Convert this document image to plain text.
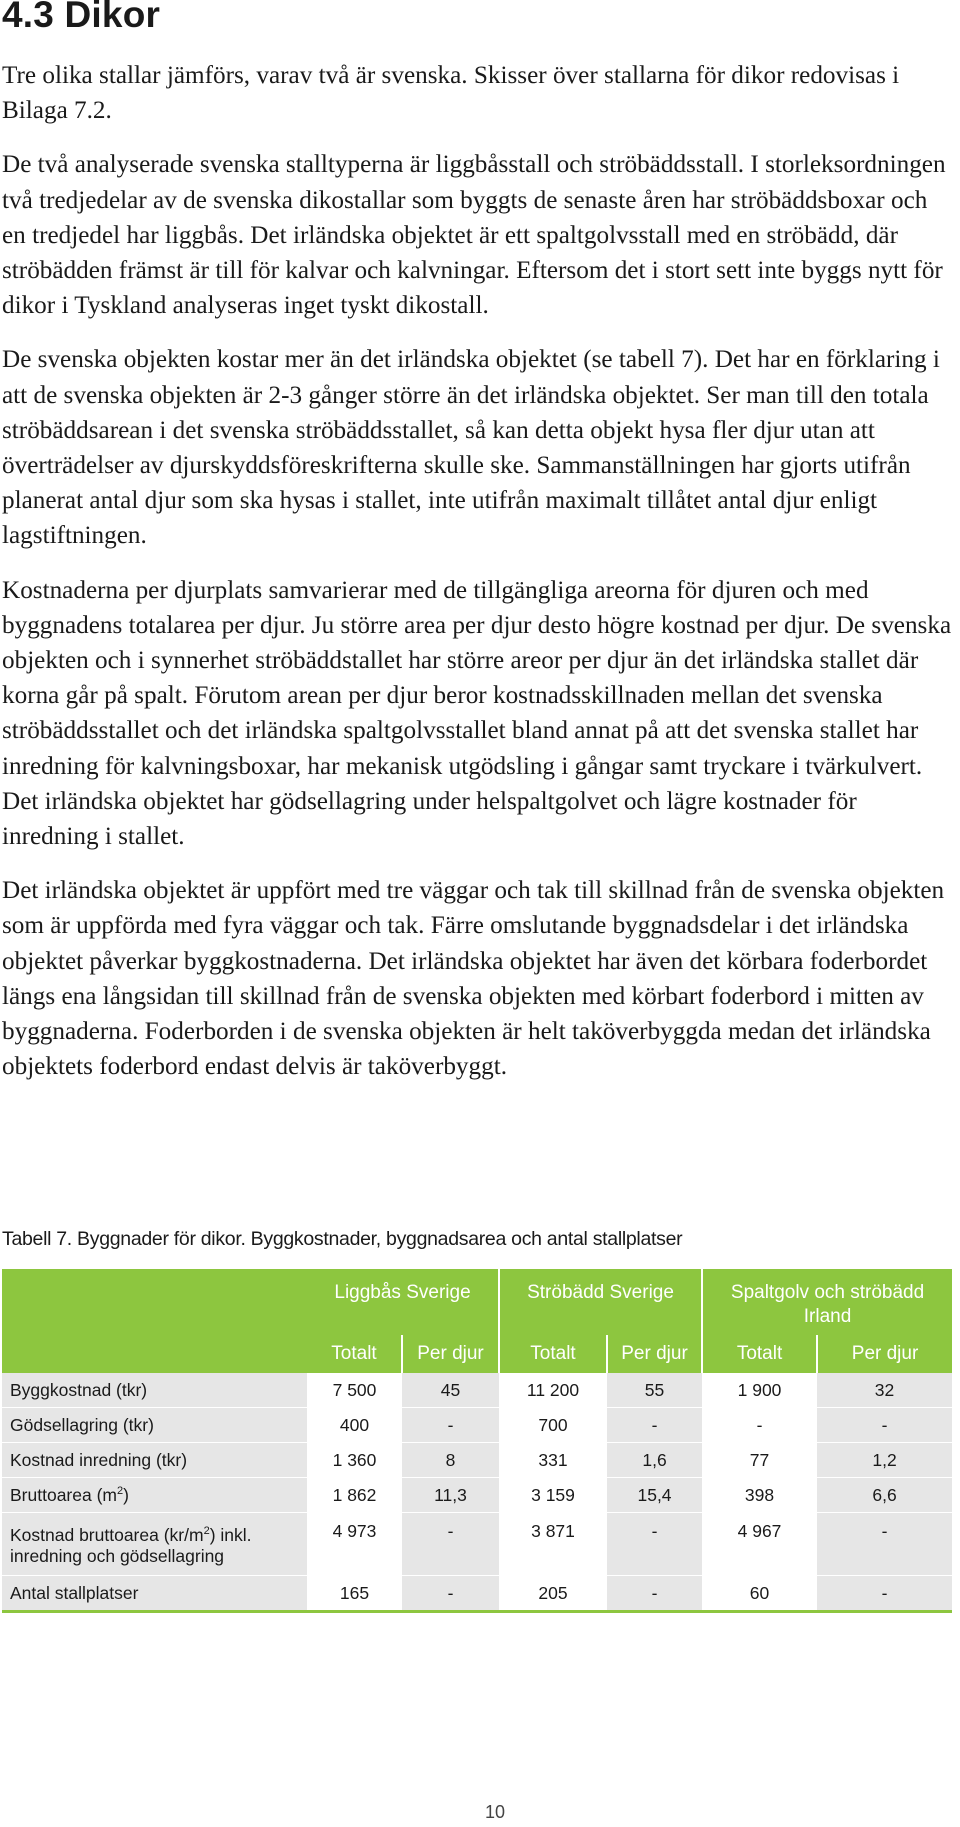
4.3 Dikor

Tre olika stallar jämförs, varav två är svenska. Skisser över stallarna för dikor redovisas i Bilaga 7.2.

De två analyserade svenska stalltyperna är liggbåsstall och ströbäddsstall. I storleksordningen två tredjedelar av de svenska dikostallar som byggts de senaste åren har ströbäddsboxar och en tredjedel har liggbås. Det irländska objektet är ett spaltgolvsstall med en ströbädd, där ströbädden främst är till för kalvar och kalvningar. Eftersom det i stort sett inte byggs nytt för dikor i Tyskland analyseras inget tyskt dikostall.

De svenska objekten kostar mer än det irländska objektet (se tabell 7). Det har en förklaring i att de svenska objekten är 2-3 gånger större än det irländska objektet. Ser man till den totala ströbäddsarean i det svenska ströbäddsstallet, så kan detta objekt hysa fler djur utan att överträdelser av djurskyddsföreskrifterna skulle ske. Sammanställningen har gjorts utifrån planerat antal djur som ska hysas i stallet, inte utifrån maximalt tillåtet antal djur enligt lagstiftningen.

Kostnaderna per djurplats samvarierar med de tillgängliga areorna för djuren och med byggnadens totalarea per djur. Ju större area per djur desto högre kostnad per djur. De svenska objekten och i synnerhet ströbäddstallet har större areor per djur än det irländska stallet där korna går på spalt. Förutom arean per djur beror kostnadsskillnaden mellan det svenska ströbäddsstallet och det irländska spaltgolvsstallet bland annat på att det svenska stallet har inredning för kalvningsboxar, har mekanisk utgödsling i gångar samt tryckare i tvärkulvert. Det irländska objektet har gödsellagring under helspaltgolvet och lägre kostnader för inredning i stallet.

Det irländska objektet är uppfört med tre väggar och tak till skillnad från de svenska objekten som är uppförda med fyra väggar och tak. Färre omslutande byggnadsdelar i det irländska objektet påverkar byggkostnaderna. Det irländska objektet har även det körbara foderbordet längs ena långsidan till skillnad från de svenska objekten med körbart foderbord i mitten av byggnaderna. Foderborden i de svenska objekten är helt taköverbyggda medan det irländska objektets foderbord endast delvis är taköverbyggt.

Tabell 7. Byggnader för dikor. Byggkostnader, byggnadsarea och antal stallplatser
	Liggbås Sverige		Ströbädd Sverige		Spaltgolv och ströbädd Irland	
	Totalt	Per djur	Totalt	Per djur	Totalt	Per djur
Byggkostnad (tkr)	7 500	45	11 200	55	1 900	32
Gödsellagring (tkr)	400	-	700	-	-	-
Kostnad inredning (tkr)	1 360	8	331	1,6	77	1,2
Bruttoarea $(m^2)$	1 862	11,3	3 159	15,4	398	6,6
Kostnad bruttoarea $(kr/m^2)$ inkl. inredning och gödsellagring	4 973	-	3 871	-	4 967	-
Antal stallplatser	165	-	205	-	60	-
10
